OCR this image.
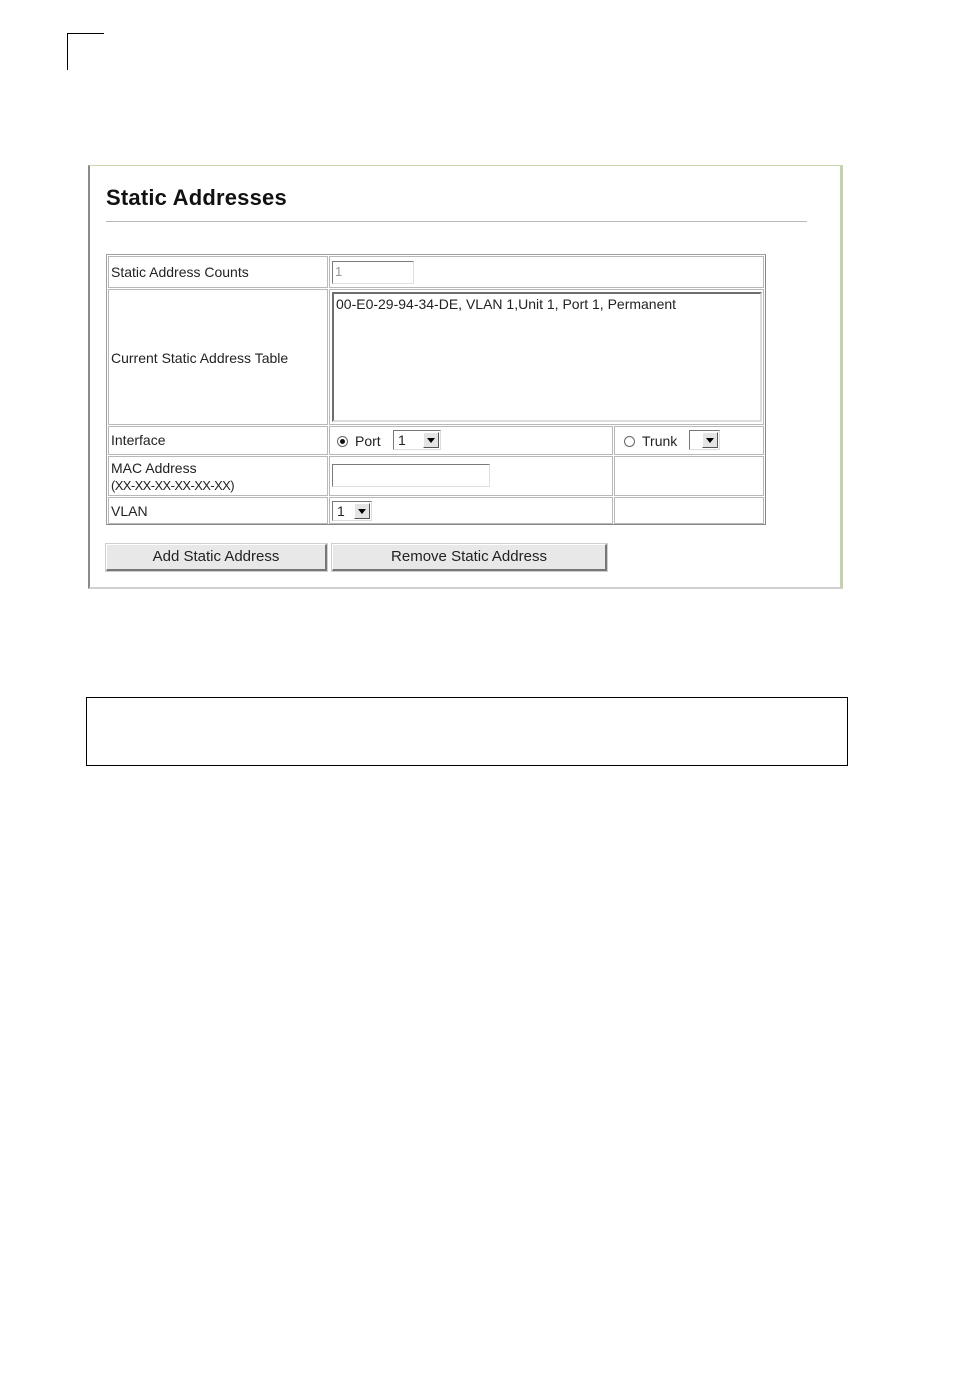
Static Addresses
Static Address Counts	1
Current Static Address Table
00-E0-29-94-34-DE, VLAN 1,Unit 1, Port 1, Permanent
Interface	Port 1	Trunk
MAC Address
(XX-XX-XX-XX-XX-XX)
VLAN	1
Add Static Address	Remove Static Address
